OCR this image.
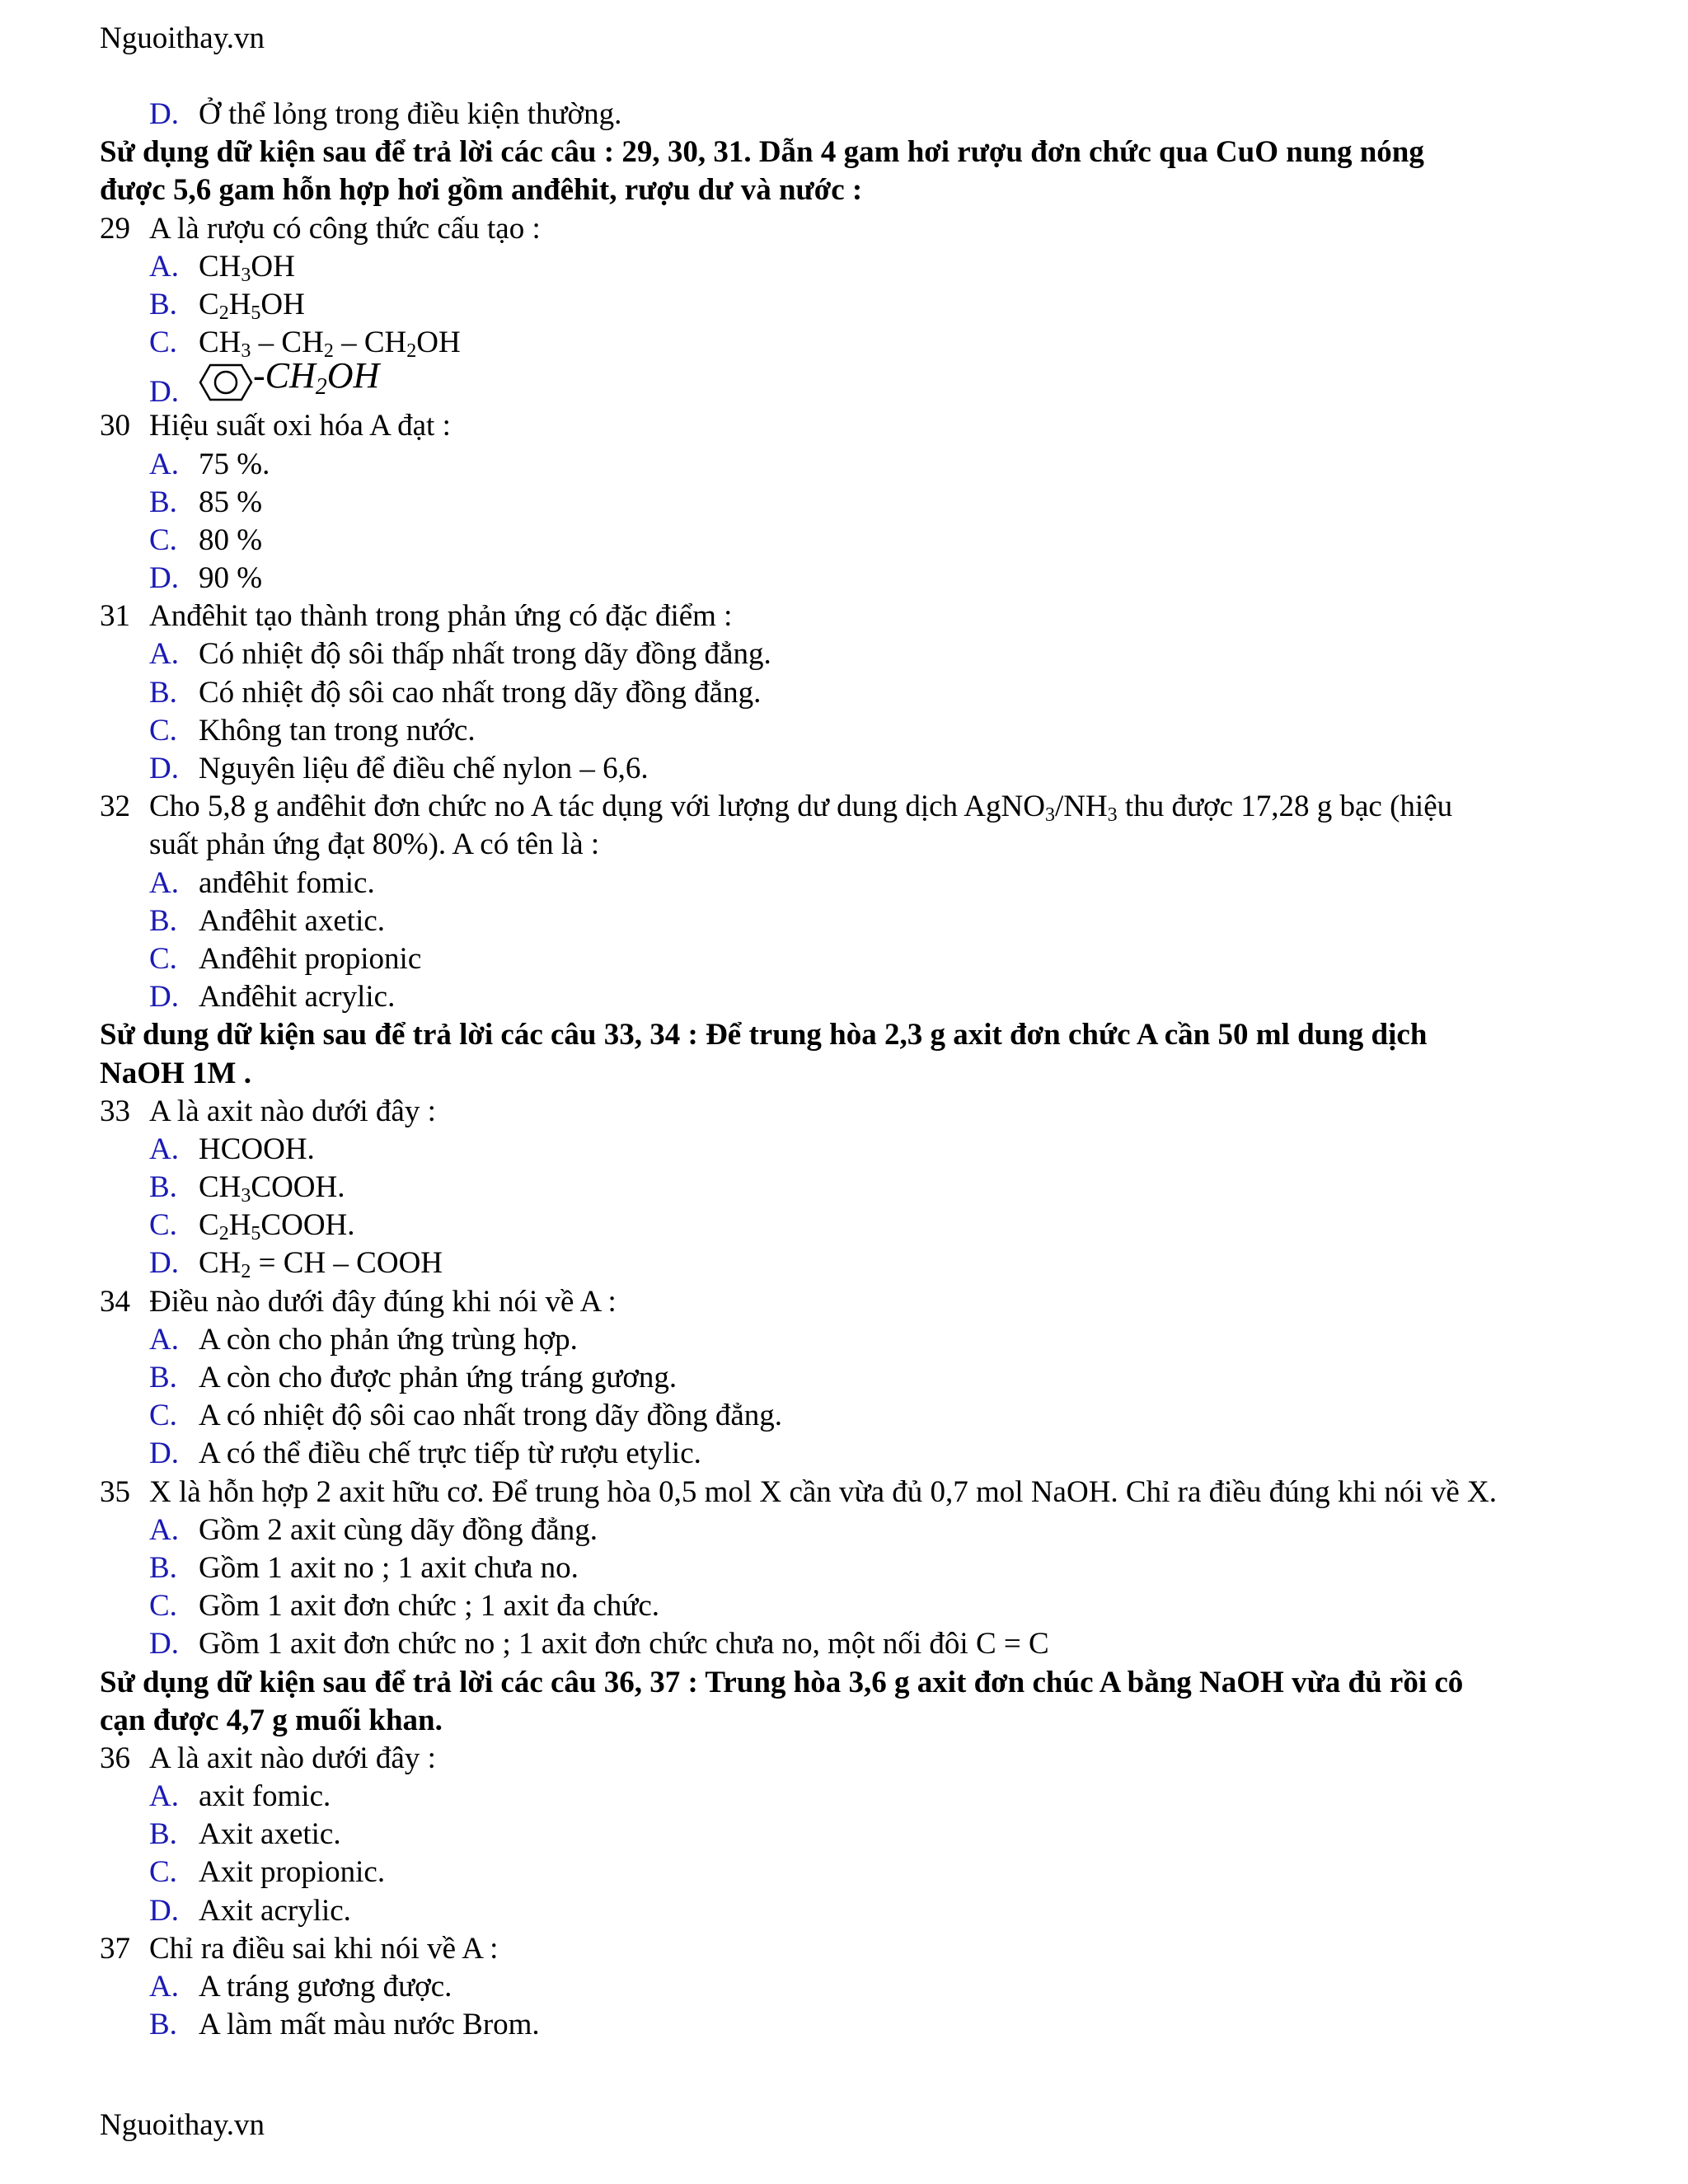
Nguoithay.vn
D. Ở thể lỏng trong điều kiện thường.
Sử dụng dữ kiện sau để trả lời các câu : 29, 30, 31. Dẫn 4 gam hơi rượu đơn chức qua CuO nung nóng
được 5,6 gam hỗn hợp hơi gồm anđêhit, rượu dư và nước :
29 A là rượu có công thức cấu tạo :
A. $CH_3OH$
B. $C_2H_5OH$
C. $CH_3 - CH_2 - CH_2OH$
D. $-CH_2OH$
30 Hiệu suất oxi hóa A đạt :
A. 75 %.
B. 85 %
C. 80 %
D. 90 %
31 Anđêhit tạo thành trong phản ứng có đặc điểm :
A. Có nhiệt độ sôi thấp nhất trong dãy đồng đẳng.
B. Có nhiệt độ sôi cao nhất trong dãy đồng đẳng.
C. Không tan trong nước.
D. Nguyên liệu để điều chế nylon – 6,6.
32 Cho 5,8 g anđêhit đơn chức no A tác dụng với lượng dư dung dịch $AgNO_3/NH_3$ thu được 17,28 g bạc (hiệu
suất phản ứng đạt 80%). A có tên là :
A. anđêhit fomic.
B. Anđêhit axetic.
C. Anđêhit propionic
D. Anđêhit acrylic.
Sử dung dữ kiện sau để trả lời các câu 33, 34 : Để trung hòa 2,3 g axit đơn chức A cần 50 ml dung dịch
NaOH 1M .
33 A là axit nào dưới đây :
A. HCOOH.
B. $CH_3COOH$.
C. $C_2H_5COOH$.
D. $CH_2$ = CH – COOH
34 Điều nào dưới đây đúng khi nói về A :
A. A còn cho phản ứng trùng hợp.
B. A còn cho được phản ứng tráng gương.
C. A có nhiệt độ sôi cao nhất trong dãy đồng đẳng.
D. A có thể điều chế trực tiếp từ rượu etylic.
35 X là hỗn hợp 2 axit hữu cơ. Để trung hòa 0,5 mol X cần vừa đủ 0,7 mol NaOH. Chỉ ra điều đúng khi nói về X.
A. Gồm 2 axit cùng dãy đồng đẳng.
B. Gồm 1 axit no ; 1 axit chưa no.
C. Gồm 1 axit đơn chức ; 1 axit đa chức.
D. Gồm 1 axit đơn chức no ; 1 axit đơn chức chưa no, một nối đôi C = C
Sử dụng dữ kiện sau để trả lời các câu 36, 37 : Trung hòa 3,6 g axit đơn chúc A bằng NaOH vừa đủ rồi cô
cạn được 4,7 g muối khan.
36 A là axit nào dưới đây :
A. axit fomic.
B. Axit axetic.
C. Axit propionic.
D. Axit acrylic.
37 Chỉ ra điều sai khi nói về A :
A. A tráng gương được.
B. A làm mất màu nước Brom.
Nguoithay.vn
